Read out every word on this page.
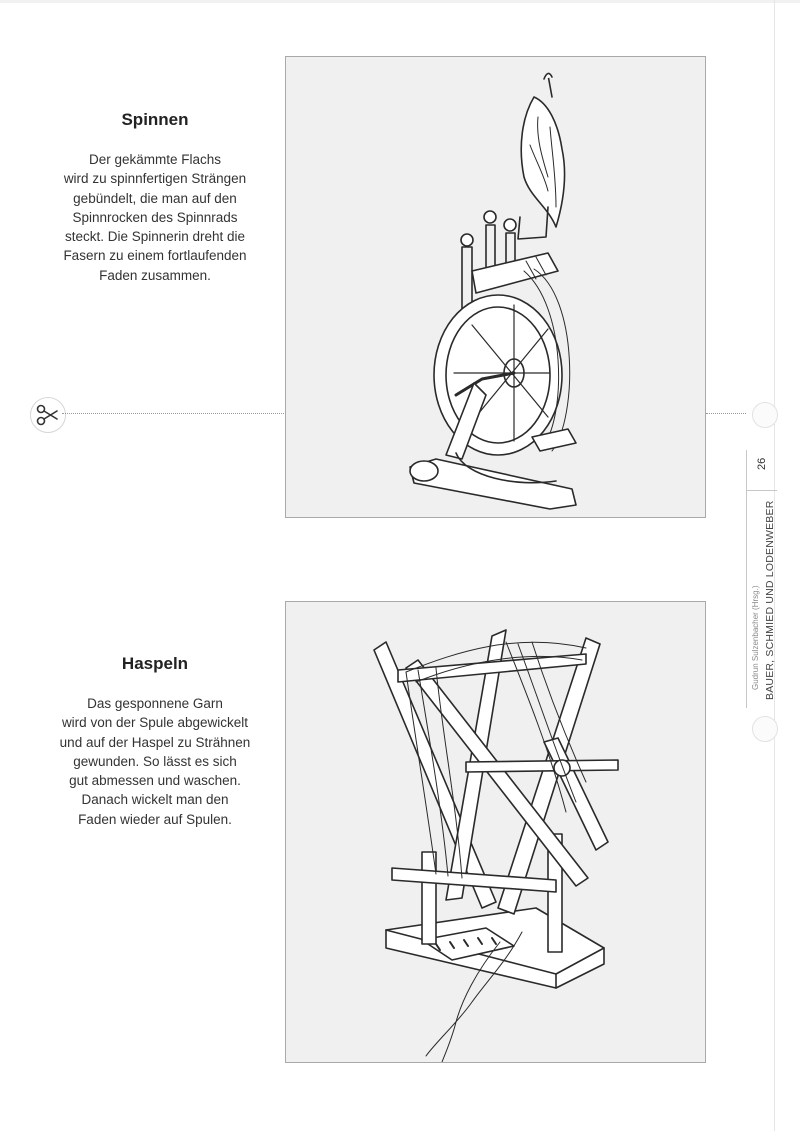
Spinnen
Der gekämmte Flachs
wird zu spinnfertigen Strängen
gebündelt, die man auf den
Spinnrocken des Spinnrads
steckt. Die Spinnerin dreht die
Fasern zu einem fortlaufenden
Faden zusammen.
Haspeln
Das gesponnene Garn
wird von der Spule abgewickelt
und auf der Haspel zu Strähnen
gewunden. So lässt es sich
gut abmessen und waschen.
Danach wickelt man den
Faden wieder auf Spulen.
26
BAUER, SCHMIED UND LODENWEBER
Gudrun Sulzenbacher (Hrsg.)
